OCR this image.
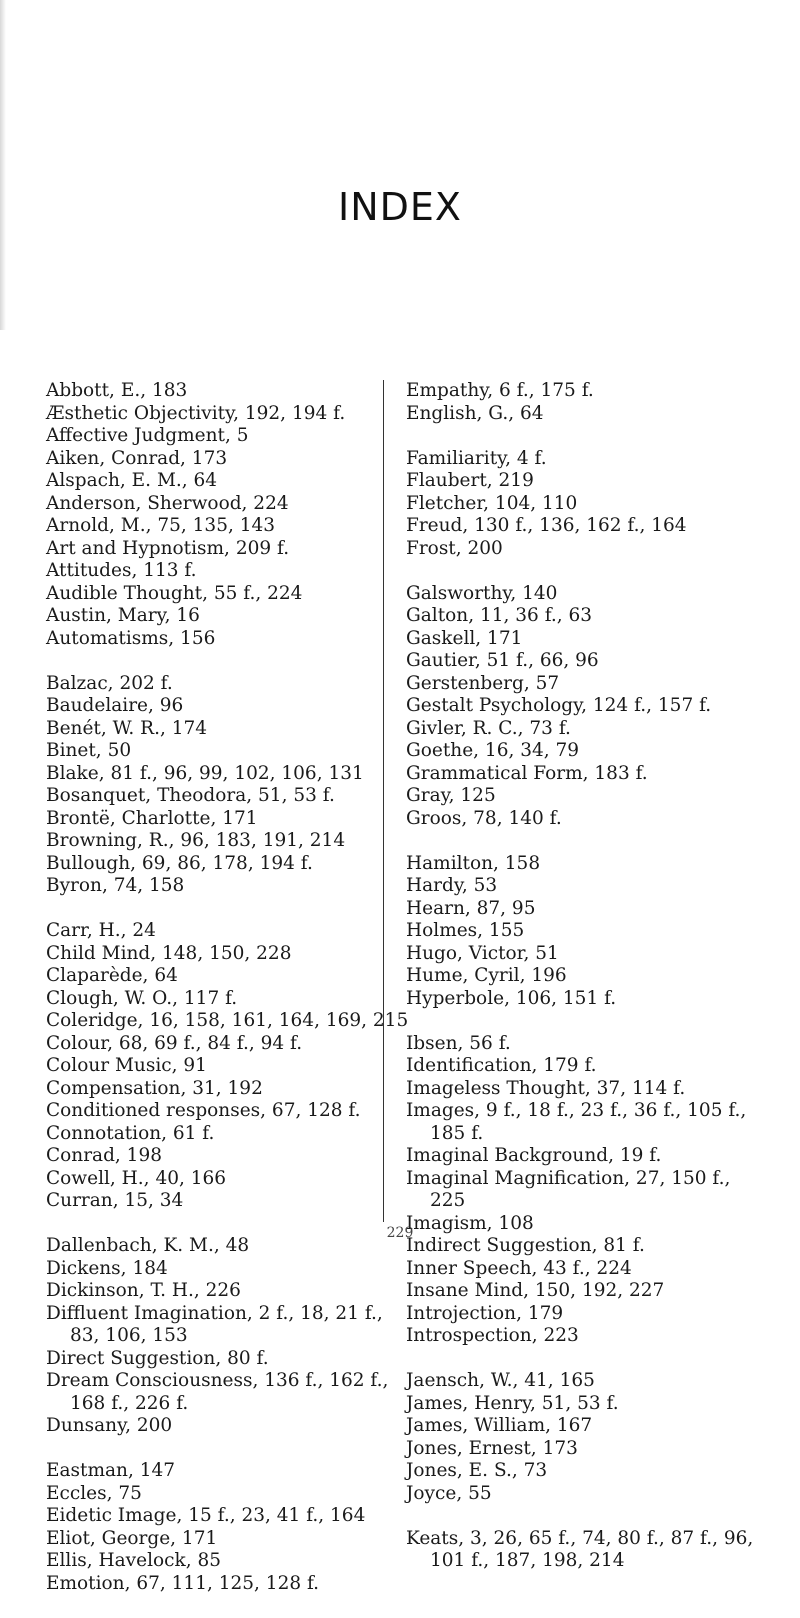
INDEX
Abbott, E., 183
Æsthetic Objectivity, 192, 194 f.
Affective Judgment, 5
Aiken, Conrad, 173
Alspach, E. M., 64
Anderson, Sherwood, 224
Arnold, M., 75, 135, 143
Art and Hypnotism, 209 f.
Attitudes, 113 f.
Audible Thought, 55 f., 224
Austin, Mary, 16
Automatisms, 156
Balzac, 202 f.
Baudelaire, 96
Benét, W. R., 174
Binet, 50
Blake, 81 f., 96, 99, 102, 106, 131
Bosanquet, Theodora, 51, 53 f.
Brontë, Charlotte, 171
Browning, R., 96, 183, 191, 214
Bullough, 69, 86, 178, 194 f.
Byron, 74, 158
Carr, H., 24
Child Mind, 148, 150, 228
Claparède, 64
Clough, W. O., 117 f.
Coleridge, 16, 158, 161, 164, 169, 215
Colour, 68, 69 f., 84 f., 94 f.
Colour Music, 91
Compensation, 31, 192
Conditioned responses, 67, 128 f.
Connotation, 61 f.
Conrad, 198
Cowell, H., 40, 166
Curran, 15, 34
Dallenbach, K. M., 48
Dickens, 184
Dickinson, T. H., 226
Diffluent Imagination, 2 f., 18, 21 f.,
83, 106, 153
Direct Suggestion, 80 f.
Dream Consciousness, 136 f., 162 f.,
168 f., 226 f.
Dunsany, 200
Eastman, 147
Eccles, 75
Eidetic Image, 15 f., 23, 41 f., 164
Eliot, George, 171
Ellis, Havelock, 85
Emotion, 67, 111, 125, 128 f.
Empathy, 6 f., 175 f.
English, G., 64
Familiarity, 4 f.
Flaubert, 219
Fletcher, 104, 110
Freud, 130 f., 136, 162 f., 164
Frost, 200
Galsworthy, 140
Galton, 11, 36 f., 63
Gaskell, 171
Gautier, 51 f., 66, 96
Gerstenberg, 57
Gestalt Psychology, 124 f., 157 f.
Givler, R. C., 73 f.
Goethe, 16, 34, 79
Grammatical Form, 183 f.
Gray, 125
Groos, 78, 140 f.
Hamilton, 158
Hardy, 53
Hearn, 87, 95
Holmes, 155
Hugo, Victor, 51
Hume, Cyril, 196
Hyperbole, 106, 151 f.
Ibsen, 56 f.
Identification, 179 f.
Imageless Thought, 37, 114 f.
Images, 9 f., 18 f., 23 f., 36 f., 105 f.,
185 f.
Imaginal Background, 19 f.
Imaginal Magnification, 27, 150 f.,
225
Imagism, 108
Indirect Suggestion, 81 f.
Inner Speech, 43 f., 224
Insane Mind, 150, 192, 227
Introjection, 179
Introspection, 223
Jaensch, W., 41, 165
James, Henry, 51, 53 f.
James, William, 167
Jones, Ernest, 173
Jones, E. S., 73
Joyce, 55
Keats, 3, 26, 65 f., 74, 80 f., 87 f., 96,
101 f., 187, 198, 214
229
